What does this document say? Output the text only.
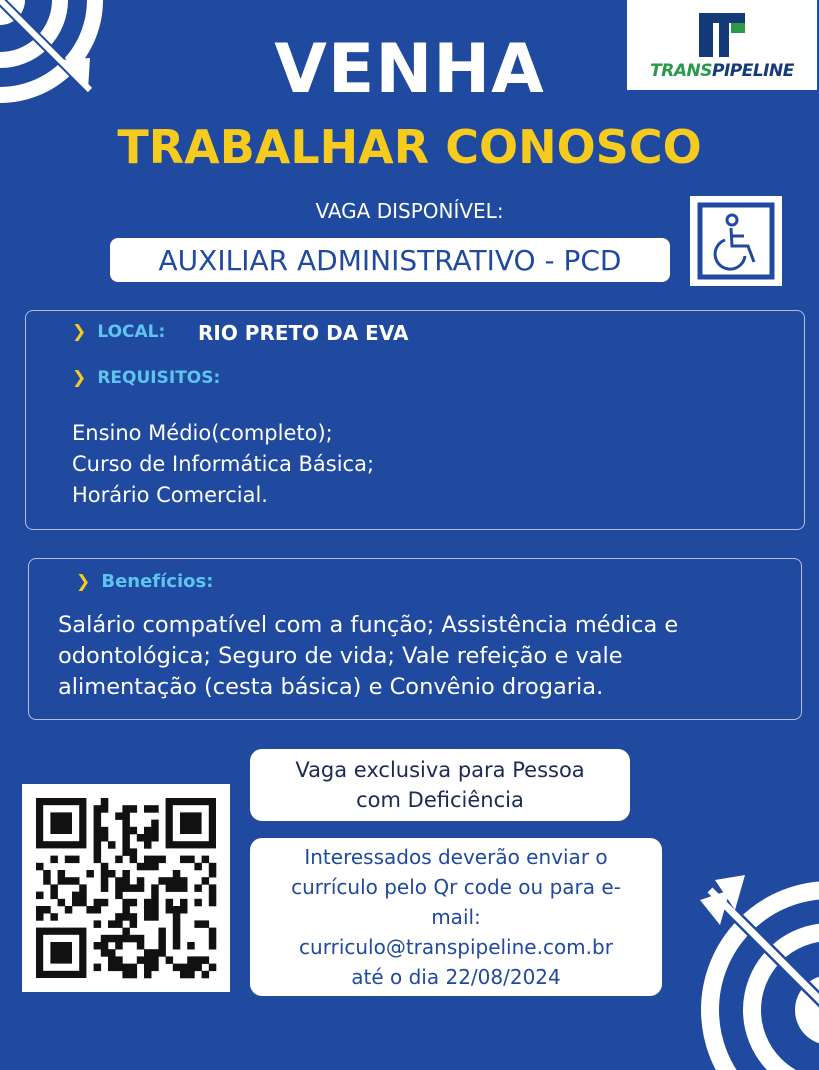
TRANSPIPELINE
VENHA
TRABALHAR CONOSCO
VAGA DISPONÍVEL:
AUXILIAR ADMINISTRATIVO - PCD
❯ LOCAL: RIO PRETO DA EVA
❯ REQUISITOS:
Ensino Médio(completo);
Curso de Informática Básica;
Horário Comercial.
❯ Benefícios:
Salário compatível com a função; Assistência médica e
odontológica; Seguro de vida; Vale refeição e vale
alimentação (cesta básica) e Convênio drogaria.
Vaga exclusiva para Pessoa
com Deficiência
Interessados deverão enviar o
currículo pelo Qr code ou para e-
mail:
curriculo@transpipeline.com.br
até o dia 22/08/2024
